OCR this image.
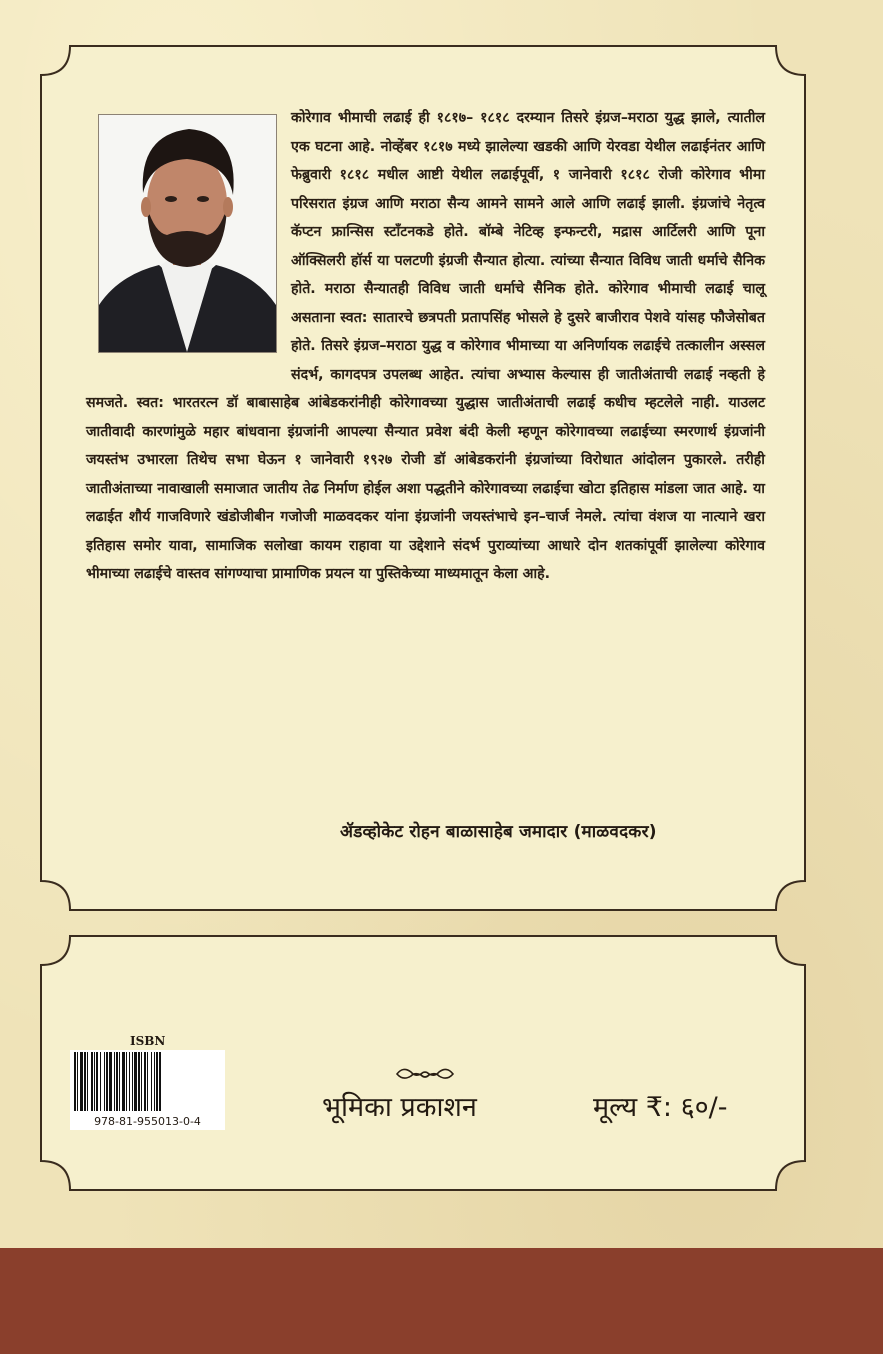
कोरेगाव भीमाची लढाई ही १८१७– १८१८ दरम्यान तिसरे इंग्रज–मराठा युद्ध झाले, त्यातील एक घटना आहे. नोव्हेंबर १८१७ मध्ये झालेल्या खडकी आणि येरवडा येथील लढाईनंतर आणि फेब्रुवारी १८१८ मधील आष्टी येथील लढाईपूर्वी, १ जानेवारी १८१८ रोजी कोरेगाव भीमा परिसरात इंग्रज आणि मराठा सैन्य आमने सामने आले आणि लढाई झाली. इंग्रजांचे नेतृत्व कॅप्टन फ्रान्सिस स्टॉंटनकडे होते. बॉम्बे नेटिव्ह इन्फन्टरी, मद्रास आर्टिलरी आणि पूना ऑक्सिलरी हॉर्स या पलटणी इंग्रजी सैन्यात होत्या. त्यांच्या सैन्यात विविध जाती धर्माचे सैनिक होते. मराठा सैन्यातही विविध जाती धर्माचे सैनिक होते. कोरेगाव भीमाची लढाई चालू असताना स्वत: सातारचे छत्रपती प्रतापसिंह भोसले हे दुसरे बाजीराव पेशवे यांसह फौजेसोबत होते. तिसरे इंग्रज–मराठा युद्ध व कोरेगाव भीमाच्या या अनिर्णायक लढाईचे तत्कालीन अस्सल संदर्भ, कागदपत्र उपलब्ध आहेत. त्यांचा अभ्यास केल्यास ही जातीअंताची लढाई नव्हती हे समजते. स्वत: भारतरत्न डॉ बाबासाहेब आंबेडकरांनीही कोरेगावच्या युद्धास जातीअंताची लढाई कधीच म्हटलेले नाही. याउलट जातीवादी कारणांमुळे महार बांधवाना इंग्रजांनी आपल्या सैन्यात प्रवेश बंदी केली म्हणून कोरेगावच्या लढाईच्या स्मरणार्थ इंग्रजांनी जयस्तंभ उभारला तिथेच सभा घेऊन १ जानेवारी १९२७ रोजी डॉ आंबेडकरांनी इंग्रजांच्या विरोधात आंदोलन पुकारले. तरीही जातीअंताच्या नावाखाली समाजात जातीय तेढ निर्माण होईल अशा पद्धतीने कोरेगावच्या लढाईचा खोटा इतिहास मांडला जात आहे. या लढाईत शौर्य गाजविणारे खंडोजीबीन गजोजी माळवदकर यांना इंग्रजांनी जयस्तंभाचे इन–चार्ज नेमले. त्यांचा वंशज या नात्याने खरा इतिहास समोर यावा, सामाजिक सलोखा कायम राहावा या उद्देशाने संदर्भ पुराव्यांच्या आधारे दोन शतकांपूर्वी झालेल्या कोरेगाव भीमाच्या लढाईचे वास्तव सांगण्याचा प्रामाणिक प्रयत्न या पुस्तिकेच्या माध्यमातून केला आहे.

ॲडव्होकेट रोहन बाळासाहेब जमादार (माळवदकर)
ISBN
978-81-955013-0-4	भूमिका प्रकाशन	मूल्य ₹: ६०/-
